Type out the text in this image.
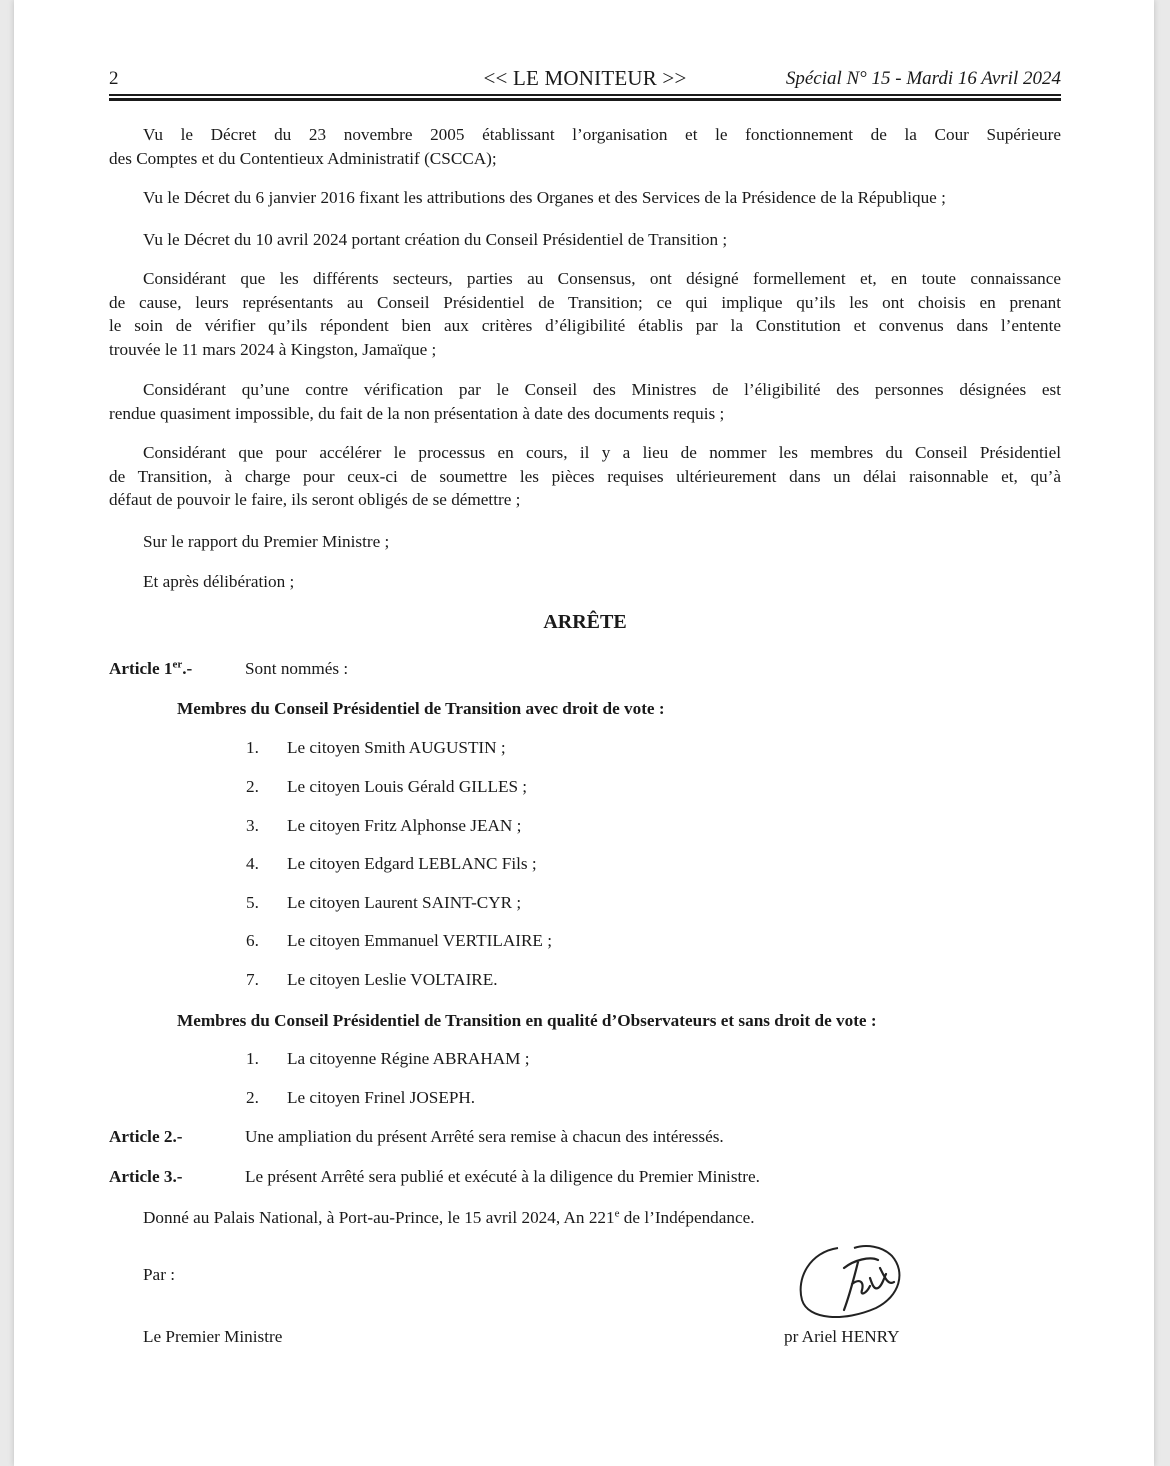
2	<< LE MONITEUR >>	Spécial N° 15 - Mardi 16 Avril 2024
Vu le Décret du 23 novembre 2005 établissant l’organisation et le fonctionnement de la Cour Supérieure
des Comptes et du Contentieux Administratif (CSCCA);
Vu le Décret du 6 janvier 2016 fixant les attributions des Organes et des Services de la Présidence de la République ;
Vu le Décret du 10 avril 2024 portant création du Conseil Présidentiel de Transition ;
Considérant que les différents secteurs, parties au Consensus, ont désigné formellement et, en toute connaissance
de cause, leurs représentants au Conseil Présidentiel de Transition; ce qui implique qu’ils les ont choisis en prenant
le soin de vérifier qu’ils répondent bien aux critères d’éligibilité établis par la Constitution et convenus dans l’entente
trouvée le 11 mars 2024 à Kingston, Jamaïque ;
Considérant qu’une contre vérification par le Conseil des Ministres de l’éligibilité des personnes désignées est
rendue quasiment impossible, du fait de la non présentation à date des documents requis ;
Considérant que pour accélérer le processus en cours, il y a lieu de nommer les membres du Conseil Présidentiel
de Transition, à charge pour ceux-ci de soumettre les pièces requises ultérieurement dans un délai raisonnable et, qu’à
défaut de pouvoir le faire, ils seront obligés de se démettre ;
Sur le rapport du Premier Ministre ;
Et après délibération ;
ARRÊTE
Article 1er.-	Sont nommés :
Membres du Conseil Présidentiel de Transition avec droit de vote :
1. Le citoyen Smith AUGUSTIN ;
2. Le citoyen Louis Gérald GILLES ;
3. Le citoyen Fritz Alphonse JEAN ;
4. Le citoyen Edgard LEBLANC Fils ;
5. Le citoyen Laurent SAINT-CYR ;
6. Le citoyen Emmanuel VERTILAIRE ;
7. Le citoyen Leslie VOLTAIRE.
Membres du Conseil Présidentiel de Transition en qualité d’Observateurs et sans droit de vote :
1. La citoyenne Régine ABRAHAM ;
2. Le citoyen Frinel JOSEPH.
Article 2.-	Une ampliation du présent Arrêté sera remise à chacun des intéressés.
Article 3.-	Le présent Arrêté sera publié et exécuté à la diligence du Premier Ministre.
Donné au Palais National, à Port-au-Prince, le 15 avril 2024, An 221e de l’Indépendance.
Par :
Le Premier Ministre	pr Ariel HENRY
